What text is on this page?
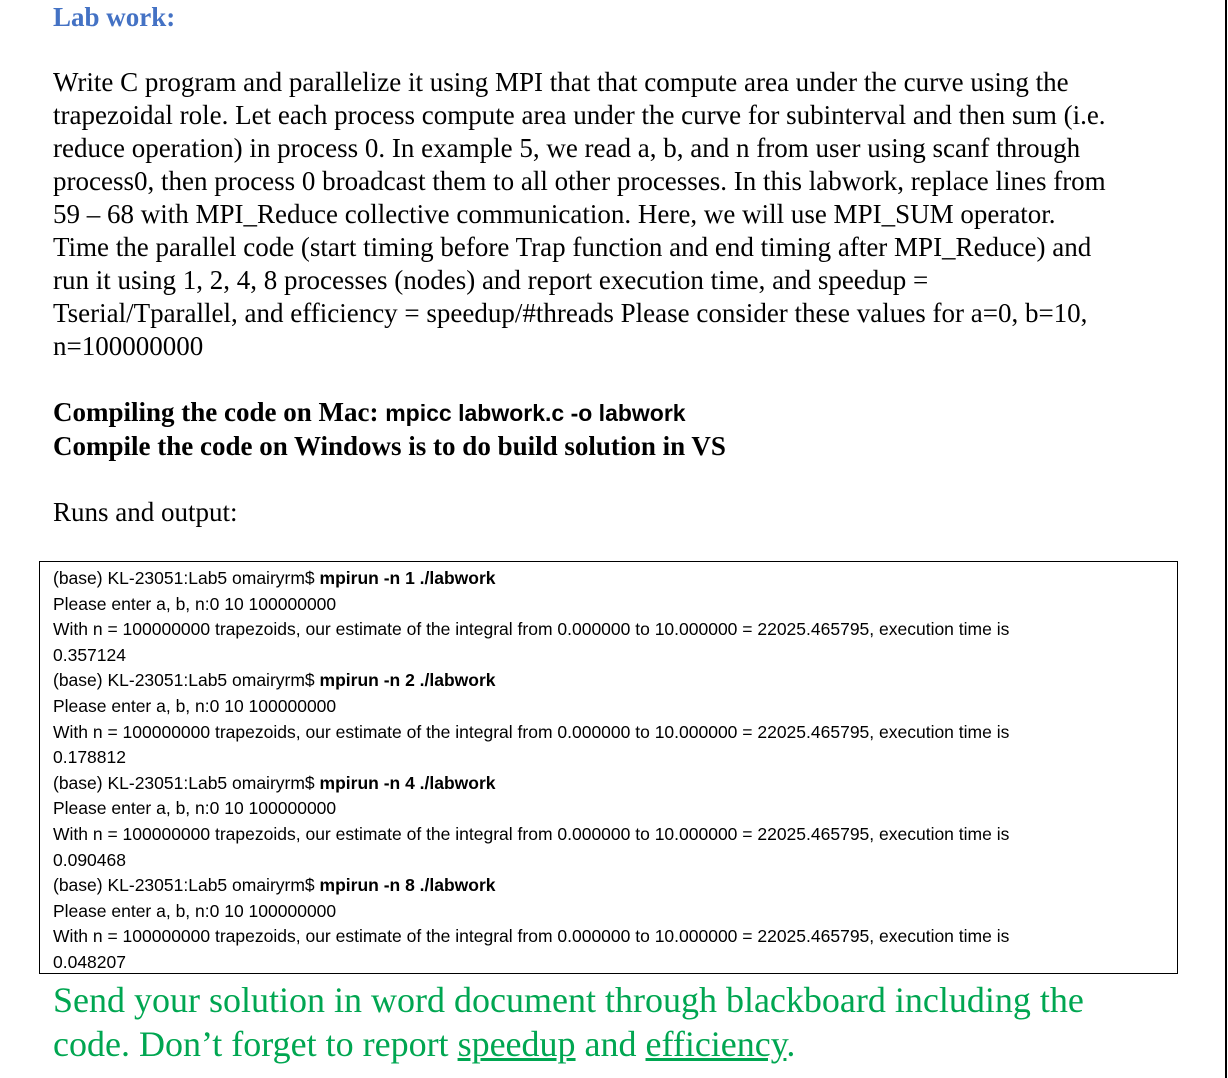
Lab work:

Write C program and parallelize it using MPI that that compute area under the curve using the
trapezoidal role. Let each process compute area under the curve for subinterval and then sum (i.e.
reduce operation) in process 0. In example 5, we read a, b, and n from user using scanf through
process0, then process 0 broadcast them to all other processes. In this labwork, replace lines from
59 – 68 with MPI_Reduce collective communication. Here, we will use MPI_SUM operator.
Time the parallel code (start timing before Trap function and end timing after MPI_Reduce) and
run it using 1, 2, 4, 8 processes (nodes) and report execution time, and speedup =
Tserial/Tparallel, and efficiency = speedup/#threads Please consider these values for a=0, b=10,
n=100000000

Compiling the code on Mac: mpicc labwork.c -o labwork
Compile the code on Windows is to do build solution in VS

Runs and output:

(base) KL-23051:Lab5 omairyrm$ mpirun -n 1 ./labwork
Please enter a, b, n:0 10 100000000
With n = 100000000 trapezoids, our estimate of the integral from 0.000000 to 10.000000 = 22025.465795, execution time is
0.357124
(base) KL-23051:Lab5 omairyrm$ mpirun -n 2 ./labwork
Please enter a, b, n:0 10 100000000
With n = 100000000 trapezoids, our estimate of the integral from 0.000000 to 10.000000 = 22025.465795, execution time is
0.178812
(base) KL-23051:Lab5 omairyrm$ mpirun -n 4 ./labwork
Please enter a, b, n:0 10 100000000
With n = 100000000 trapezoids, our estimate of the integral from 0.000000 to 10.000000 = 22025.465795, execution time is
0.090468
(base) KL-23051:Lab5 omairyrm$ mpirun -n 8 ./labwork
Please enter a, b, n:0 10 100000000
With n = 100000000 trapezoids, our estimate of the integral from 0.000000 to 10.000000 = 22025.465795, execution time is
0.048207

Send your solution in word document through blackboard including the
code. Don’t forget to report speedup and efficiency.
